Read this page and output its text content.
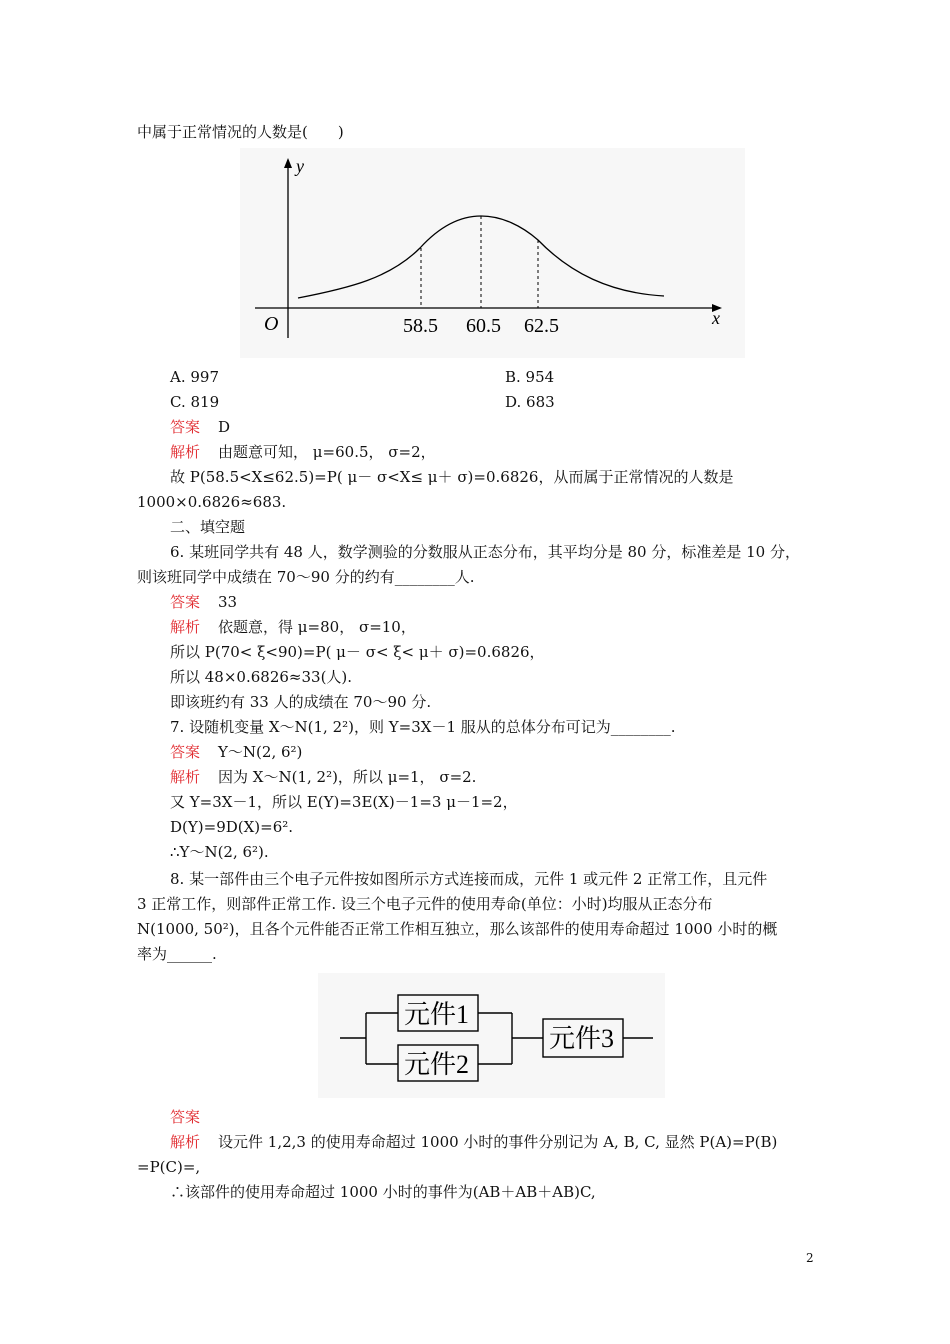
中属于正常情况的人数是(　　)
y
x
O	58.5 60.5 62.5
A. 997	B. 954
C. 819	D. 683
答案 D
解析 由题意可知， μ=60.5， σ=2，
故 P(58.5<X≤62.5)=P( μ－ σ<X≤ μ＋ σ)=0.6826，从而属于正常情况的人数是
1000×0.6826≈683.
二、填空题
6. 某班同学共有 48 人，数学测验的分数服从正态分布，其平均分是 80 分，标准差是 10 分，
则该班同学中成绩在 70～90 分的约有________人.
答案 33
解析 依题意，得 μ=80， σ=10，
所以 P(70< ξ<90)=P( μ－ σ< ξ< μ＋ σ)=0.6826，
所以 48×0.6826≈33(人).
即该班约有 33 人的成绩在 70～90 分.
7. 设随机变量 X～N(1, 2²)，则 Y=3X－1 服从的总体分布可记为________.
答案 Y～N(2, 6²)
解析 因为 X～N(1, 2²)，所以 μ=1， σ=2.
又 Y=3X－1，所以 E(Y)=3E(X)－1=3 μ－1=2，
D(Y)=9D(X)=6².
∴Y～N(2, 6²).
8. 某一部件由三个电子元件按如图所示方式连接而成，元件 1 或元件 2 正常工作，且元件
3 正常工作，则部件正常工作. 设三个电子元件的使用寿命(单位：小时)均服从正态分布
N(1000, 50²)，且各个元件能否正常工作相互独立，那么该部件的使用寿命超过 1000 小时的概
率为______.
元件1
元件2
元件3
答案
解析 设元件 1,2,3 的使用寿命超过 1000 小时的事件分别记为 A, B, C, 显然 P(A)=P(B)
=P(C)=,
∴该部件的使用寿命超过 1000 小时的事件为(AB＋AB＋AB)C,
2
